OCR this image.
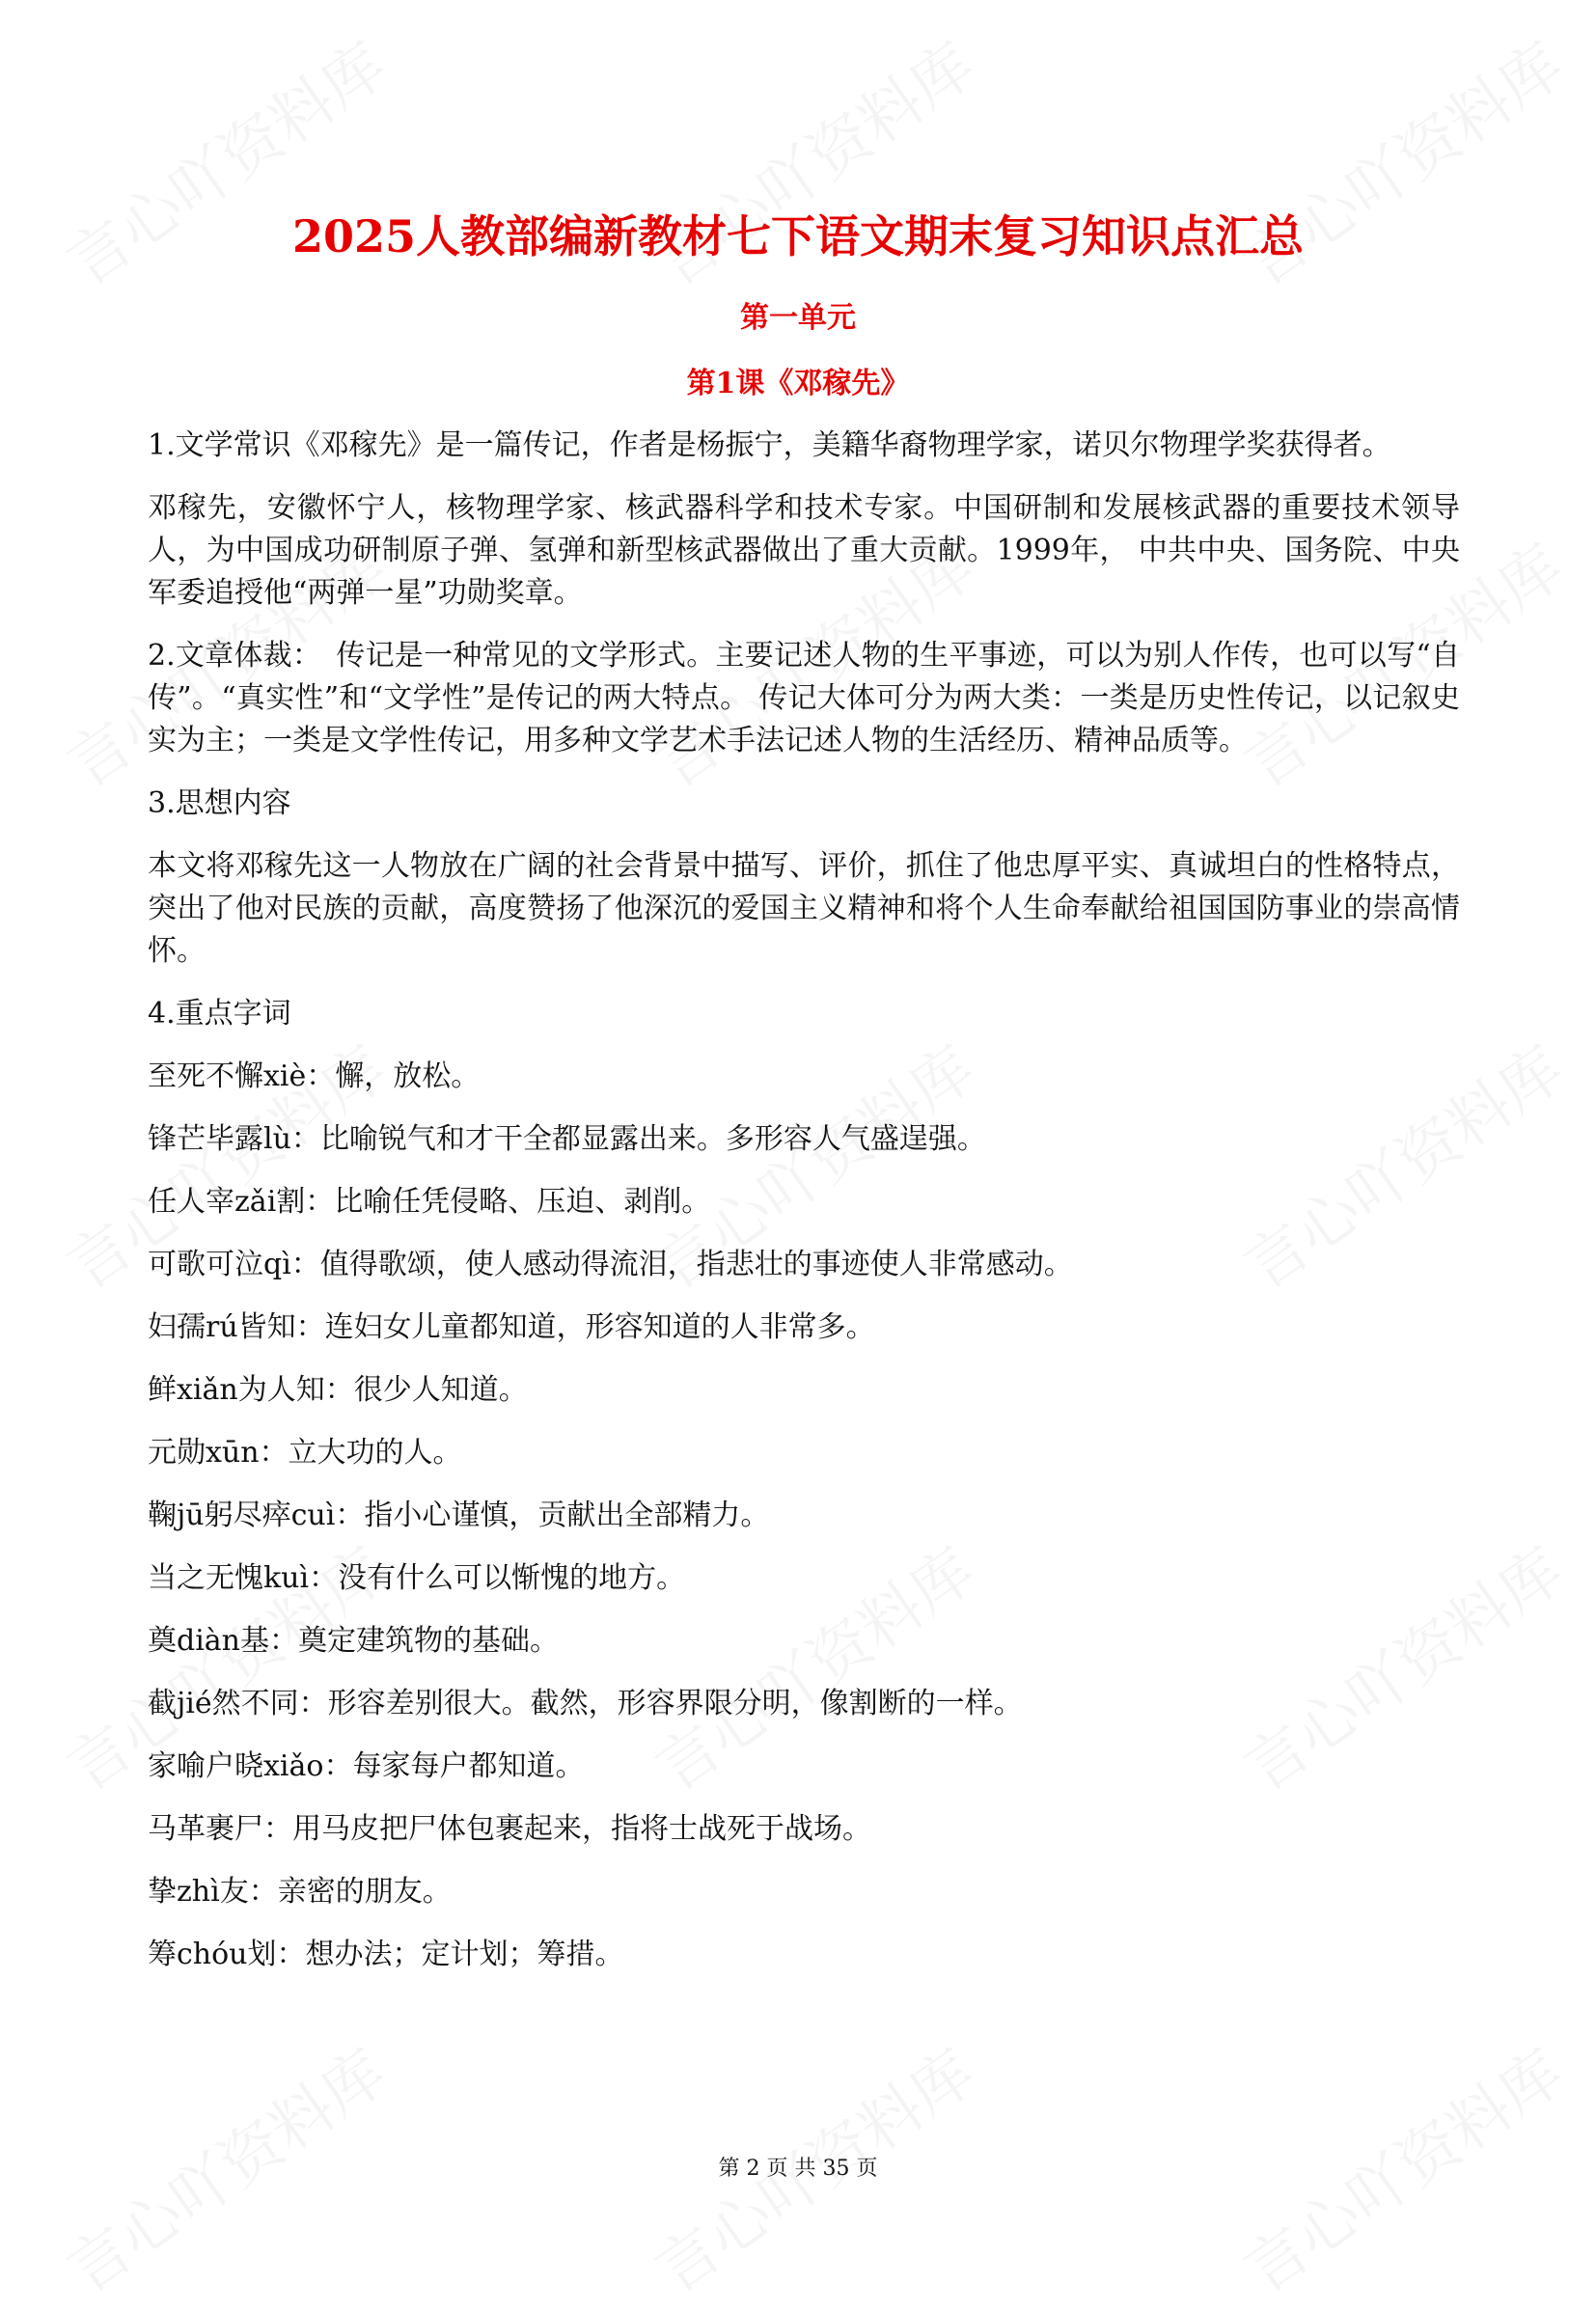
2025人教部编新教材七下语文期末复习知识点汇总
第一单元
第1课《邓稼先》

1.文学常识《邓稼先》是一篇传记，作者是杨振宁，美籍华裔物理学家，诺贝尔物理学奖获得者。

邓稼先，安徽怀宁人，核物理学家、核武器科学和技术专家。中国研制和发展核武器的重要技术领导人，为中国成功研制原子弹、氢弹和新型核武器做出了重大贡献。1999年， 中共中央、国务院、中央军委追授他“两弹一星”功勋奖章。

2.文章体裁：　传记是一种常见的文学形式。主要记述人物的生平事迹，可以为别人作传，也可以写“自传”。“真实性”和“文学性”是传记的两大特点。 传记大体可分为两大类：一类是历史性传记，以记叙史实为主；一类是文学性传记，用多种文学艺术手法记述人物的生活经历、精神品质等。

3.思想内容

本文将邓稼先这一人物放在广阔的社会背景中描写、评价，抓住了他忠厚平实、真诚坦白的性格特点，突出了他对民族的贡献，高度赞扬了他深沉的爱国主义精神和将个人生命奉献给祖国国防事业的崇高情怀。

4.重点字词

至死不懈xiè：懈，放松。

锋芒毕露lù：比喻锐气和才干全都显露出来。多形容人气盛逞强。

任人宰zǎi割：比喻任凭侵略、压迫、剥削。

可歌可泣qì：值得歌颂，使人感动得流泪，指悲壮的事迹使人非常感动。

妇孺rú皆知：连妇女儿童都知道，形容知道的人非常多。

鲜xiǎn为人知：很少人知道。

元勋xūn：立大功的人。

鞠jū躬尽瘁cuì：指小心谨慎，贡献出全部精力。

当之无愧kuì：没有什么可以惭愧的地方。

奠diàn基：奠定建筑物的基础。

截jié然不同：形容差别很大。截然，形容界限分明，像割断的一样。

家喻户晓xiǎo：每家每户都知道。

马革裹尸：用马皮把尸体包裹起来，指将士战死于战场。

挚zhì友：亲密的朋友。

筹chóu划：想办法；定计划；筹措。

第 2 页 共 35 页
